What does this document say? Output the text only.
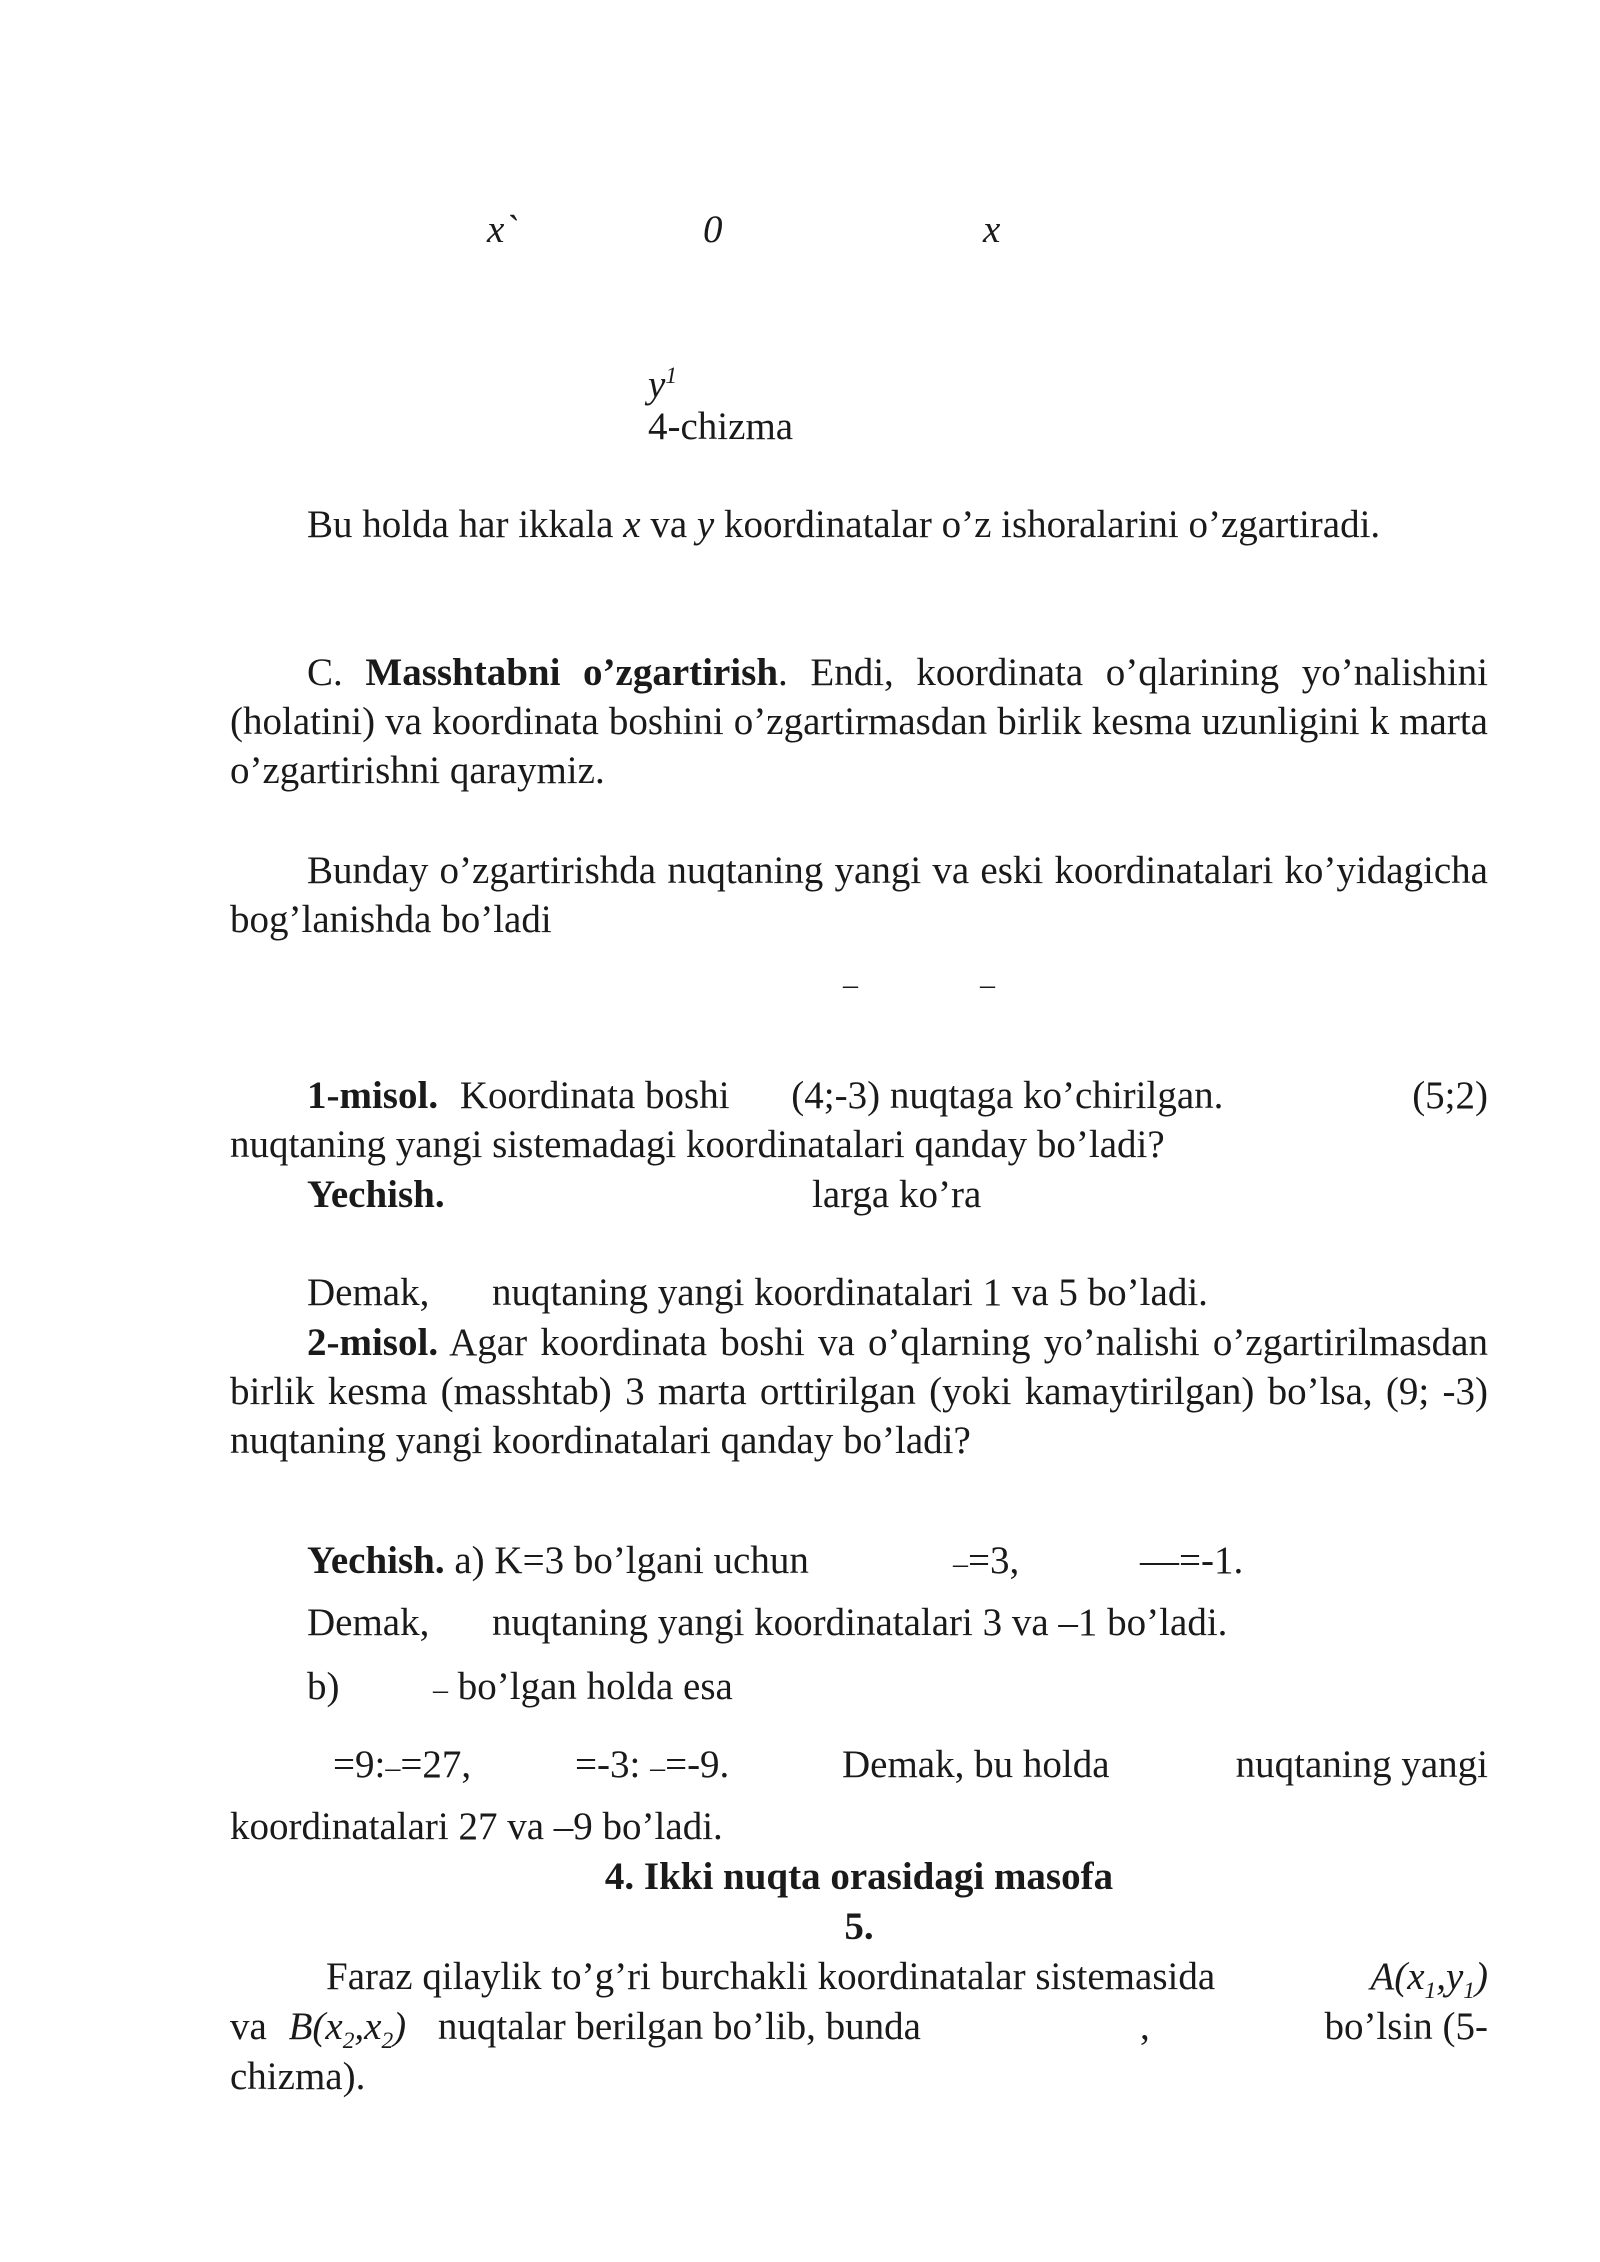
x`	0	x
$y^1$
4-chizma
Bu holda har ikkala x va y koordinatalar o’z ishoralarini o’zgartiradi.
C. Masshtabni o’zgartirish. Endi, koordinata o’qlarining yo’nalishini (holatini) va koordinata boshini o’zgartirmasdan birlik kesma uzunligini k marta o’zgartirishni qaraymiz.
Bunday o’zgartirishda nuqtaning yangi va eski koordinatalari ko’yidagicha bog’lanishda bo’ladi
–	–
1-misol. Koordinata boshi (4;-3) nuqtaga ko’chirilgan.	(5;2)
nuqtaning yangi sistemadagi koordinatalari qanday bo’ladi?
Yechish.	larga ko’ra
Demak, nuqtaning yangi koordinatalari 1 va 5 bo’ladi.
2-misol. Agar koordinata boshi va o’qlarning yo’nalishi o’zgartirilmasdan birlik kesma (masshtab) 3 marta orttirilgan (yoki kamaytirilgan) bo’lsa, (9; -3) nuqtaning yangi koordinatalari qanday bo’ladi?
Yechish. a) K=3 bo’lgani uchun	–=3,	—=-1.
Demak, nuqtaning yangi koordinatalari 3 va –1 bo’ladi.
b)	– bo’lgan holda esa
=9:–=27,	=-3: –=-9.	Demak, bu holda	nuqtaning yangi
koordinatalari 27 va –9 bo’ladi.
4. Ikki nuqta orasidagi masofa
5.
Faraz qilaylik to’g’ri burchakli koordinatalar sistemasida	$A(x_1,y_1)$
va $B(x_2,x_2)$ nuqtalar berilgan bo’lib, bunda	,	bo’lsin (5-
chizma).
